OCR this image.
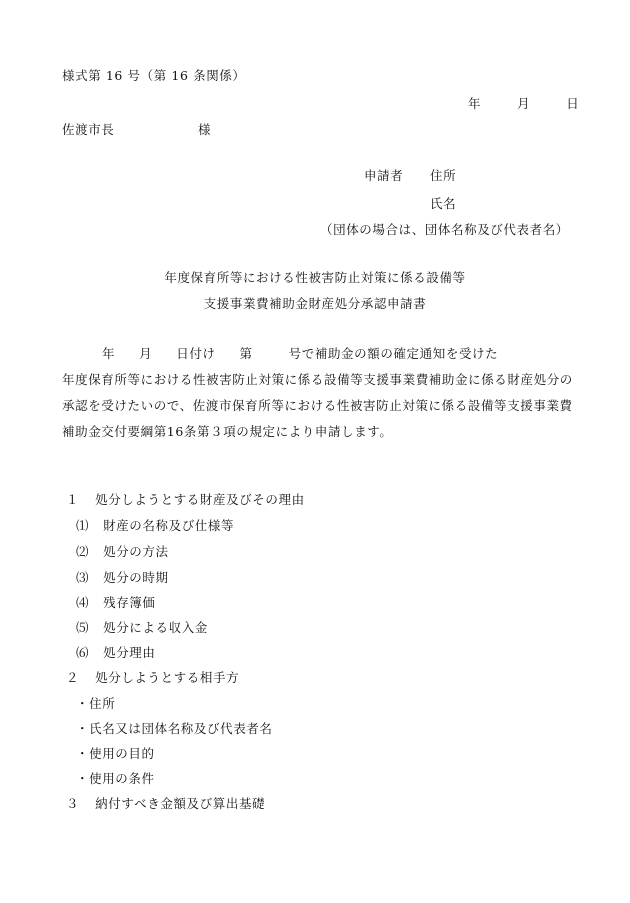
様式第 16 号（第 16 条関係）
年	月	日
佐渡市長	様
申請者 住所
氏名
（団体の場合は、団体名称及び代表者名）
年度保育所等における性被害防止対策に係る設備等
支援事業費補助金財産処分承認申請書
年 月 日付け 第	号で補助金の額の確定通知を受けた
年度保育所等における性被害防止対策に係る設備等支援事業費補助金に係る財産処分の承認を受けたいので、佐渡市保育所等における性被害防止対策に係る設備等支援事業費補助金交付要綱第16条第３項の規定により申請します。
１ 処分しようとする財産及びその理由
⑴ 財産の名称及び仕様等
⑵ 処分の方法
⑶ 処分の時期
⑷ 残存簿価
⑸ 処分による収入金
⑹ 処分理由
２ 処分しようとする相手方
・住所
・氏名又は団体名称及び代表者名
・使用の目的
・使用の条件
３ 納付すべき金額及び算出基礎
